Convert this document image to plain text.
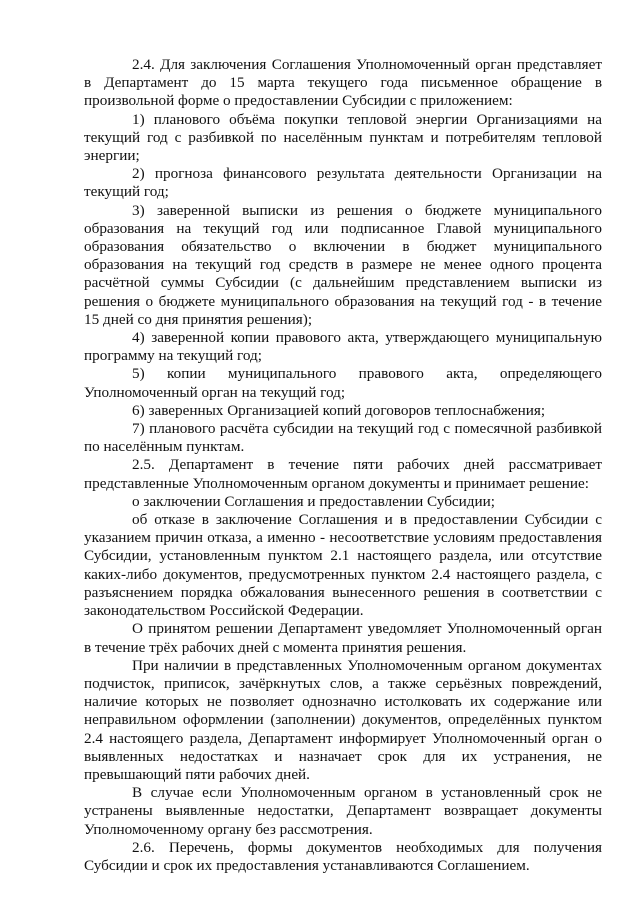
2.4. Для заключения Соглашения Уполномоченный орган представляет в Департамент до 15 марта текущего года письменное обращение в произвольной форме о предоставлении Субсидии с приложением:

1) планового объёма покупки тепловой энергии Организациями на текущий год с разбивкой по населённым пунктам и потребителям тепловой энергии;

2) прогноза финансового результата деятельности Организации на текущий год;

3) заверенной выписки из решения о бюджете муниципального образования на текущий год или подписанное Главой муниципального образования обязательство о включении в бюджет муниципального образования на текущий год средств в размере не менее одного процента расчётной суммы Субсидии (с дальнейшим представлением выписки из решения о бюджете муниципального образования на текущий год - в течение 15 дней со дня принятия решения);

4) заверенной копии правового акта, утверждающего муниципальную программу на текущий год;

5) копии муниципального правового акта, определяющего Уполномоченный орган на текущий год;

6) заверенных Организацией копий договоров теплоснабжения;

7) планового расчёта субсидии на текущий год с помесячной разбивкой по населённым пунктам.

2.5. Департамент в течение пяти рабочих дней рассматривает представленные Уполномоченным органом документы и принимает решение:

о заключении Соглашения и предоставлении Субсидии;

об отказе в заключение Соглашения и в предоставлении Субсидии с указанием причин отказа, а именно - несоответствие условиям предоставления Субсидии, установленным пунктом 2.1 настоящего раздела, или отсутствие каких-либо документов, предусмотренных пунктом 2.4 настоящего раздела, с разъяснением порядка обжалования вынесенного решения в соответствии с законодательством Российской Федерации.

О принятом решении Департамент уведомляет Уполномоченный орган в течение трёх рабочих дней с момента принятия решения.

При наличии в представленных Уполномоченным органом документах подчисток, приписок, зачёркнутых слов, а также серьёзных повреждений, наличие которых не позволяет однозначно истолковать их содержание или неправильном оформлении (заполнении) документов, определённых пунктом 2.4 настоящего раздела, Департамент информирует Уполномоченный орган о выявленных недостатках и назначает срок для их устранения, не превышающий пяти рабочих дней.

В случае если Уполномоченным органом в установленный срок не устранены выявленные недостатки, Департамент возвращает документы Уполномоченному органу без рассмотрения.

2.6. Перечень, формы документов необходимых для получения Субсидии и срок их предоставления устанавливаются Соглашением.
